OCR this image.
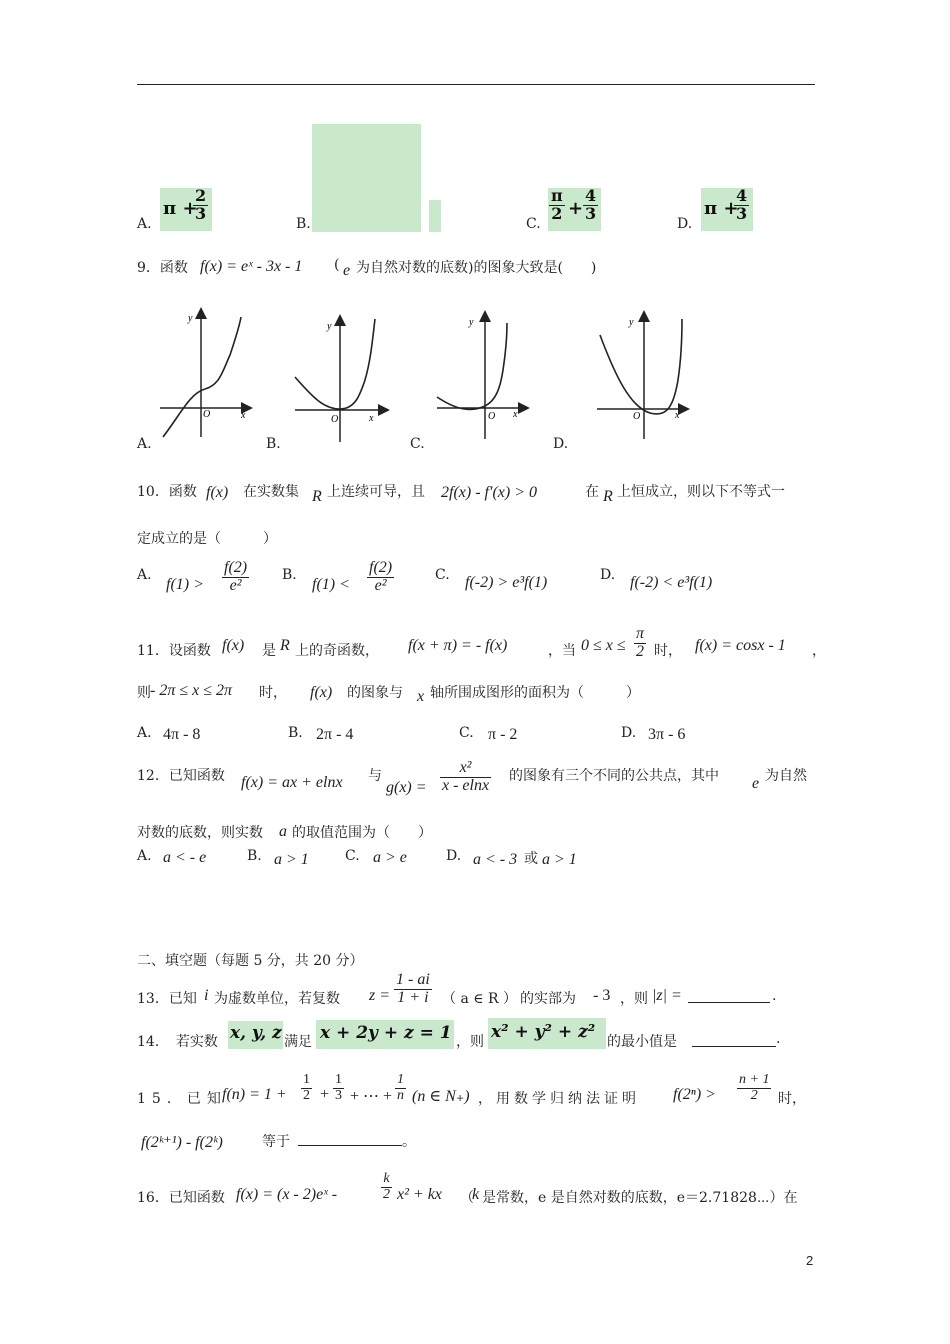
A.
π +
$\frac{2}{3}$
B.	C.
$\frac{\pi}{2} + \frac{4}{3}$
D.
π +
$\frac{4}{3}$
9．函数 f(x) = eˣ - 3x - 1 ( e 为自然对数的底数)的图象大致是(　　)
y
x
O
y
x
O
y
x
O
y
x
O
A.	B.	C.	D.
10．函数 f(x) 在实数集 R 上连续可导，且 2f(x) - f′(x) > 0	在 R 上恒成立，则以下不等式一
定成立的是（　　　）
A.
$f(1) > \frac{f(2)}{\text{e²}} B$.
$f(1) < \frac{f(2)}{\text{e²}}$	C. f(-2) > e³f(1)	D. f(-2) < e³f(1)
11．设函数 f(x) 是 R 上的奇函数， f(x + π) = - f(x)	，当 $0 \le x \le \frac{\pi}{2}$ 时， f(x) = cosx - 1 ，
则 - 2π ≤ x ≤ 2π 时， f(x) 的图象与 x 轴所围成图形的面积为（　　　）
A. 4π - 8	B. 2π - 4	C. π - 2	D. 3π - 6
12．已知函数 f(x) = ax + elnx 与
$g(x) = \frac{\text{x²}}{x - elnx}$ 的图象有三个不同的公共点，其中 e 为自然
对数的底数，则实数 a 的取值范围为（　　）
A. a < - e	B. a > 1	C. a > e	D. a < - 3 或 a > 1
二、填空题（每题 5 分，共 20 分）
13．已知 i 为虚数单位，若复数 $z = \frac{1 - ai}{1 + i}$ （ a ∈ R ） 的实部为 - 3 ，则 |z| =	.
14．　若实数 x, y, z 满足 x + 2y + z = 1 ，则 x² + y² + z² 的最小值是	.
15．已知
$f(n) = 1 + \frac{1}{2} + \frac{1}{3}$ + ⋯ + $\frac{1}{n} (n$ ∈ N₊) ，用数学归纳法证明 $f(2^n) > \frac{n + 1}{2}$ 时，
f(2ᵏ⁺¹) - f(2ᵏ)	等于	。
16．已知函数 f(x) = (x - 2)eˣ -	$\frac{k}{2} x^2$ + kx （
k 是常数，e 是自然对数的底数，e＝2.71828⋯）在
2
